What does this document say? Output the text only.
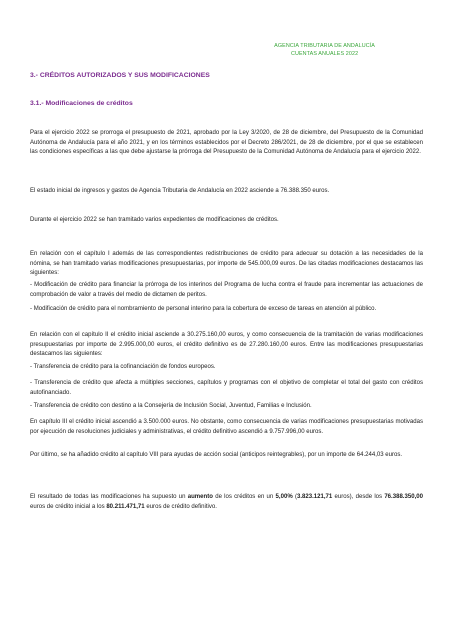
AGENCIA TRIBUTARIA DE ANDALUCÍA
CUENTAS ANUALES 2022
3.- CRÉDITOS AUTORIZADOS Y SUS MODIFICACIONES
3.1.- Modificaciones de créditos

Para el ejercicio 2022 se prorroga el presupuesto de 2021, aprobado por la Ley 3/2020, de 28 de diciembre, del Presupuesto de la Comunidad Autónoma de Andalucía para el año 2021, y en los términos establecidos por el Decreto 286/2021, de 28 de diciembre, por el que se establecen las condiciones específicas a las que debe ajustarse la prórroga del Presupuesto de la Comunidad Autónoma de Andalucía para el ejercicio 2022.

El estado inicial de ingresos y gastos de Agencia Tributaria de Andalucía en 2022 asciende a 76.388.350 euros.

Durante el ejercicio 2022 se han tramitado varios expedientes de modificaciones de créditos.

En relación con el capítulo I además de las correspondientes redistribuciones de crédito para adecuar su dotación a las necesidades de la nómina, se han tramitado varias modificaciones presupuestarias, por importe de 545.000,09 euros. De las citadas modificaciones destacamos las siguientes:

- Modificación de crédito para financiar la prórroga de los interinos del Programa de lucha contra el fraude para incrementar las actuaciones de comprobación de valor a través del medio de dictamen de peritos.

- Modificación de crédito para el nombramiento de personal interino para la cobertura de exceso de tareas en atención al público.

En relación con el capítulo II el crédito inicial asciende a 30.275.160,00 euros, y como consecuencia de la tramitación de varias modificaciones presupuestarias por importe de 2.995.000,00 euros, el crédito definitivo es de 27.280.160,00 euros. Entre las modificaciones presupuestarias destacamos las siguientes:

- Transferencia de crédito para la cofinanciación de fondos europeos.

- Transferencia de crédito que afecta a múltiples secciones, capítulos y programas con el objetivo de completar el total del gasto con créditos autofinanciado.

- Transferencia de crédito con destino a la Consejería de Inclusión Social, Juventud, Familias e Inclusión.

En capítulo III el crédito inicial ascendió a 3.500.000 euros. No obstante, como consecuencia de varias modificaciones presupuestarias motivadas por ejecución de resoluciones judiciales y administrativas, el crédito definitivo ascendió a 9.757.996,00 euros.

Por último, se ha añadido crédito al capítulo VIII para ayudas de acción social (anticipos reintegrables), por un importe de 64.244,03 euros.

El resultado de todas las modificaciones ha supuesto un aumento de los créditos en un 5,00% (3.823.121,71 euros), desde los 76.388.350,00 euros de crédito inicial a los 80.211.471,71 euros de crédito definitivo.
